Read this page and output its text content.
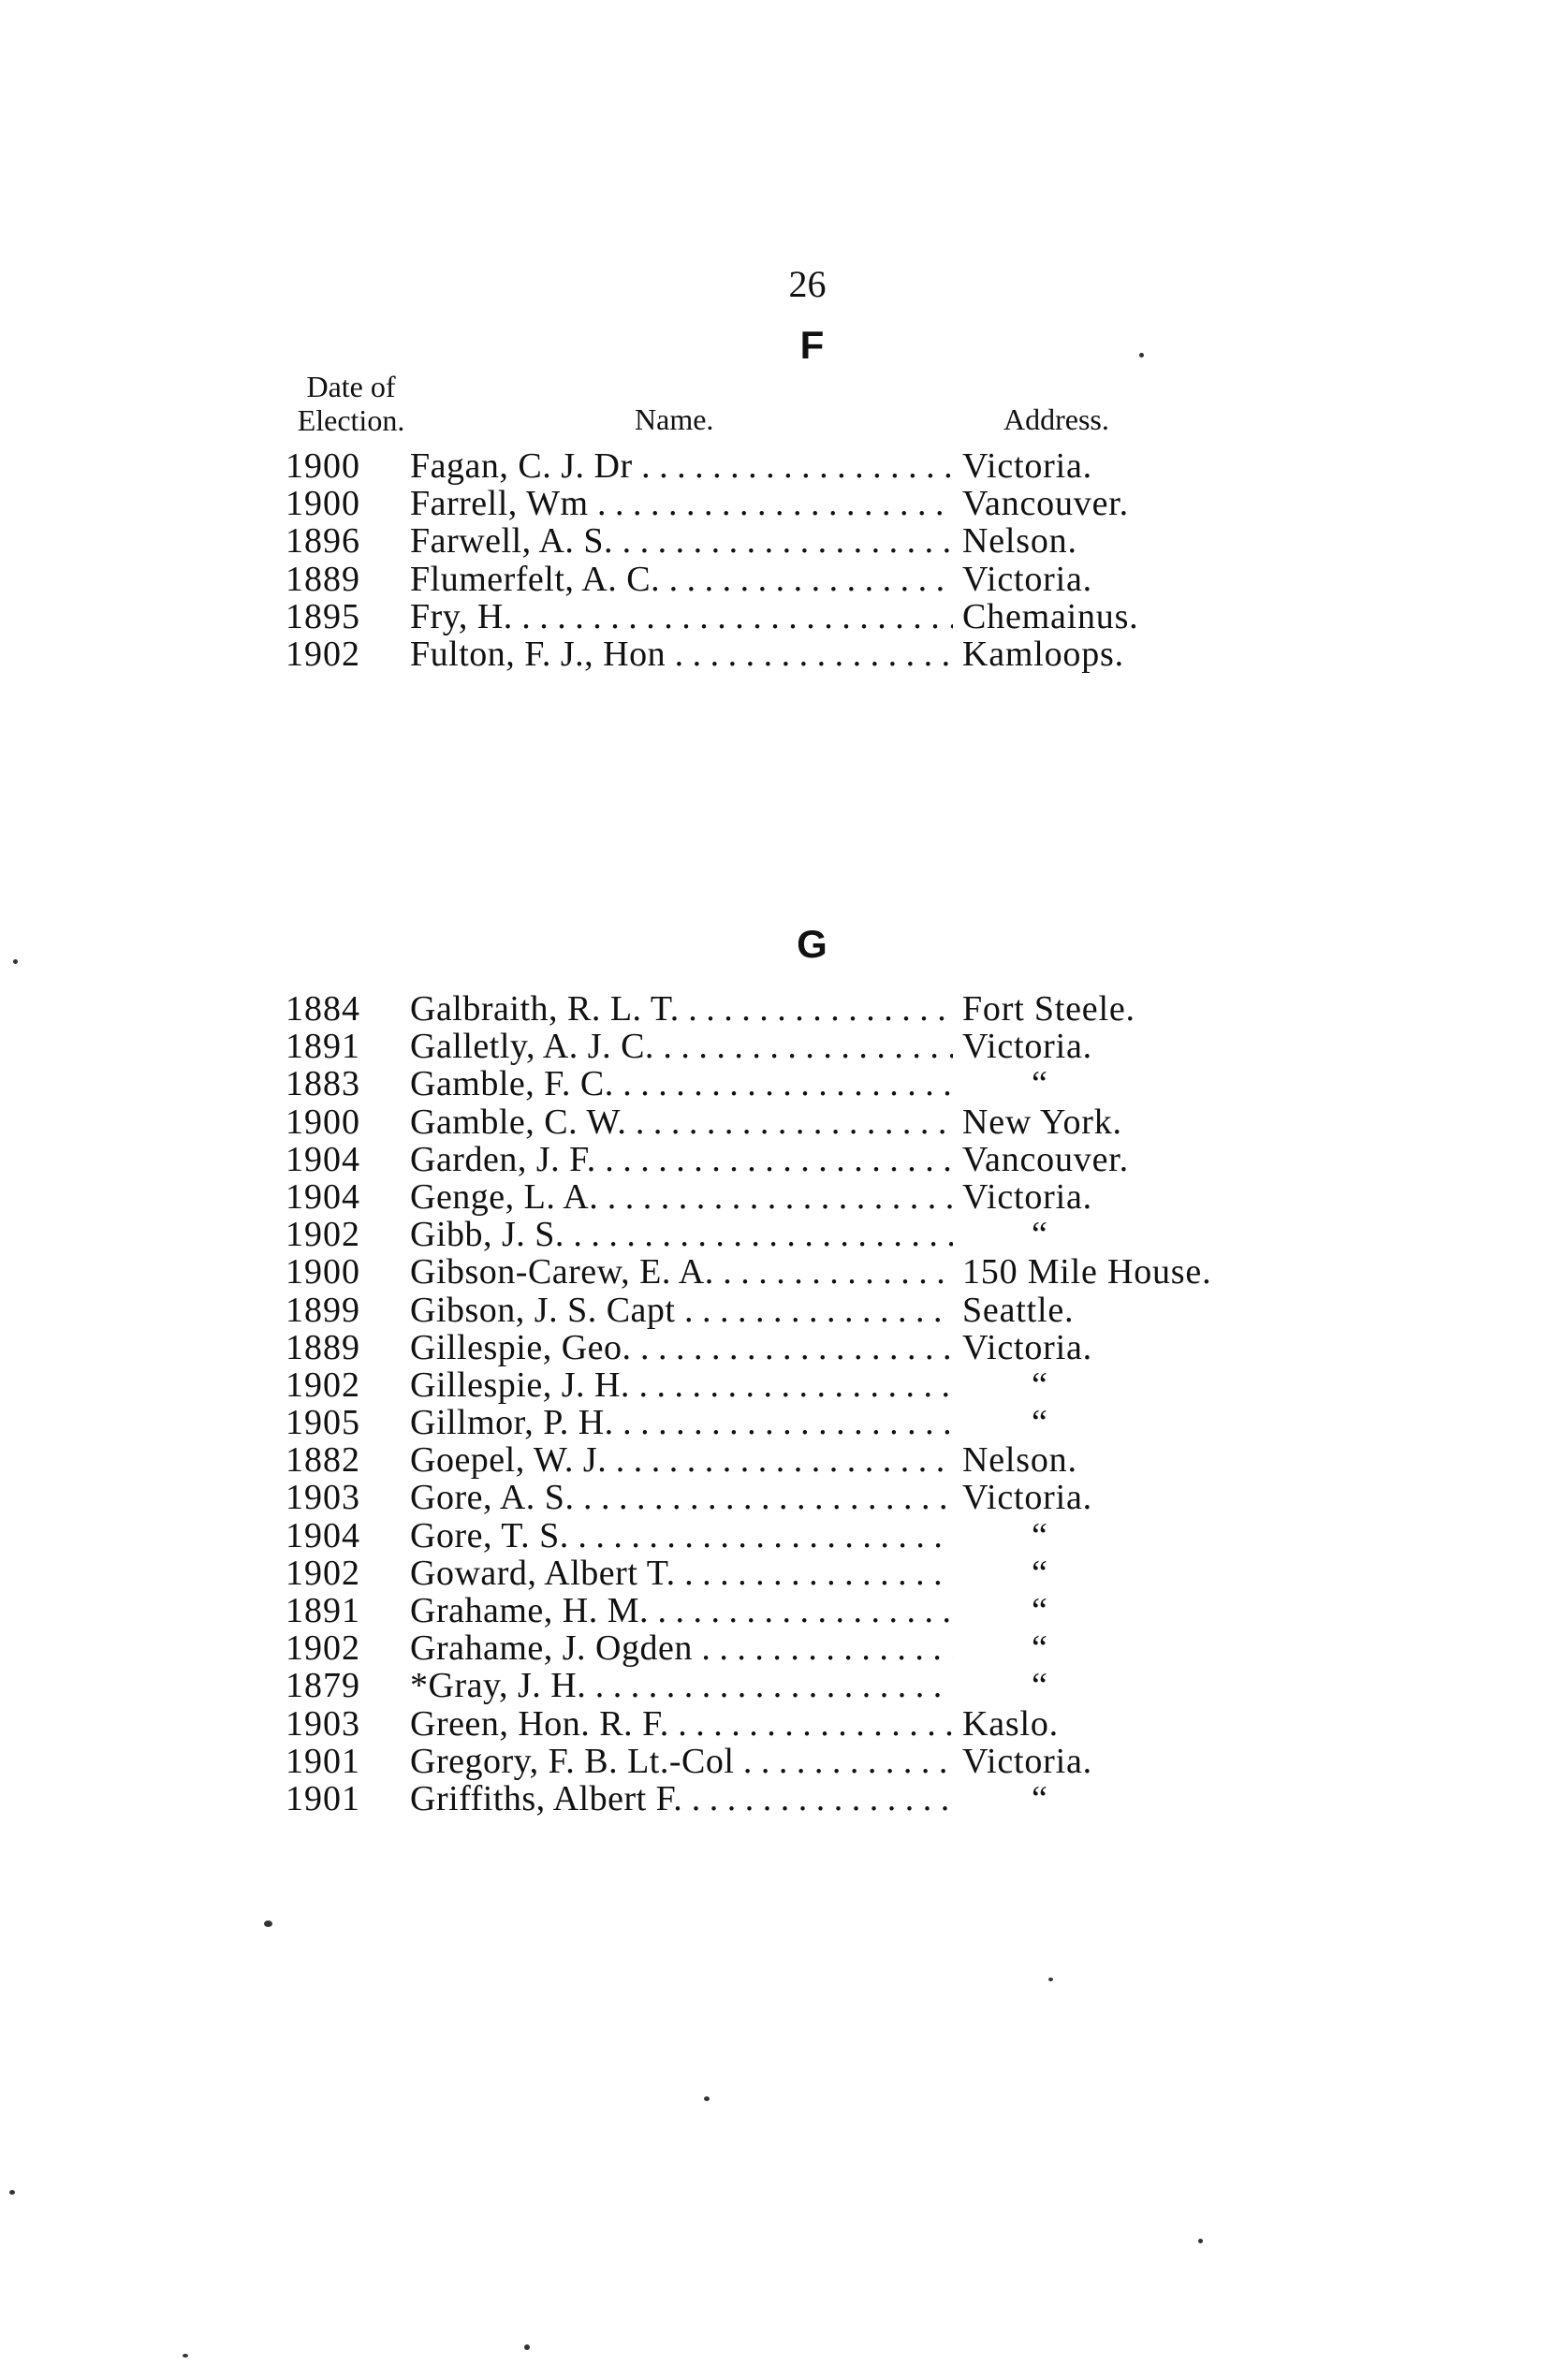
26
F
Date of
Election.	Name.	Address.
1900 Fagan, C. J. Dr . . .	Victoria.
1900 Farrell, Wm . . .	Vancouver.
1896 Farwell, A. S. . . .	Nelson.
1889 Flumerfelt, A. C. . . .	Victoria.
1895 Fry, H. . . .	Chemainus.
1902 Fulton, F. J., Hon . . .	Kamloops.
G
1884 Galbraith, R. L. T. . . .	Fort Steele.
1891 Galletly, A. J. C. . . .	Victoria.
1883 Gamble, F. C. . . .	“
1900 Gamble, C. W. . . .	New York.
1904 Garden, J. F. . . .	Vancouver.
1904 Genge, L. A. . . .	Victoria.
1902 Gibb, J. S. . . .	“
1900 Gibson-Carew, E. A. . . .	150 Mile House.
1899 Gibson, J. S. Capt . . .	Seattle.
1889 Gillespie, Geo. . . .	Victoria.
1902 Gillespie, J. H. . . .	“
1905 Gillmor, P. H. . . .	“
1882 Goepel, W. J. . . .	Nelson.
1903 Gore, A. S. . . .	Victoria.
1904 Gore, T. S. . . .	“
1902 Goward, Albert T. . . .	“
1891 Grahame, H. M. . . .	“
1902 Grahame, J. Ogden . . .	“
1879 *Gray, J. H. . . .	“
1903 Green, Hon. R. F. . . .	Kaslo.
1901 Gregory, F. B. Lt.-Col . . .	Victoria.
1901 Griffiths, Albert F. . . .	“
